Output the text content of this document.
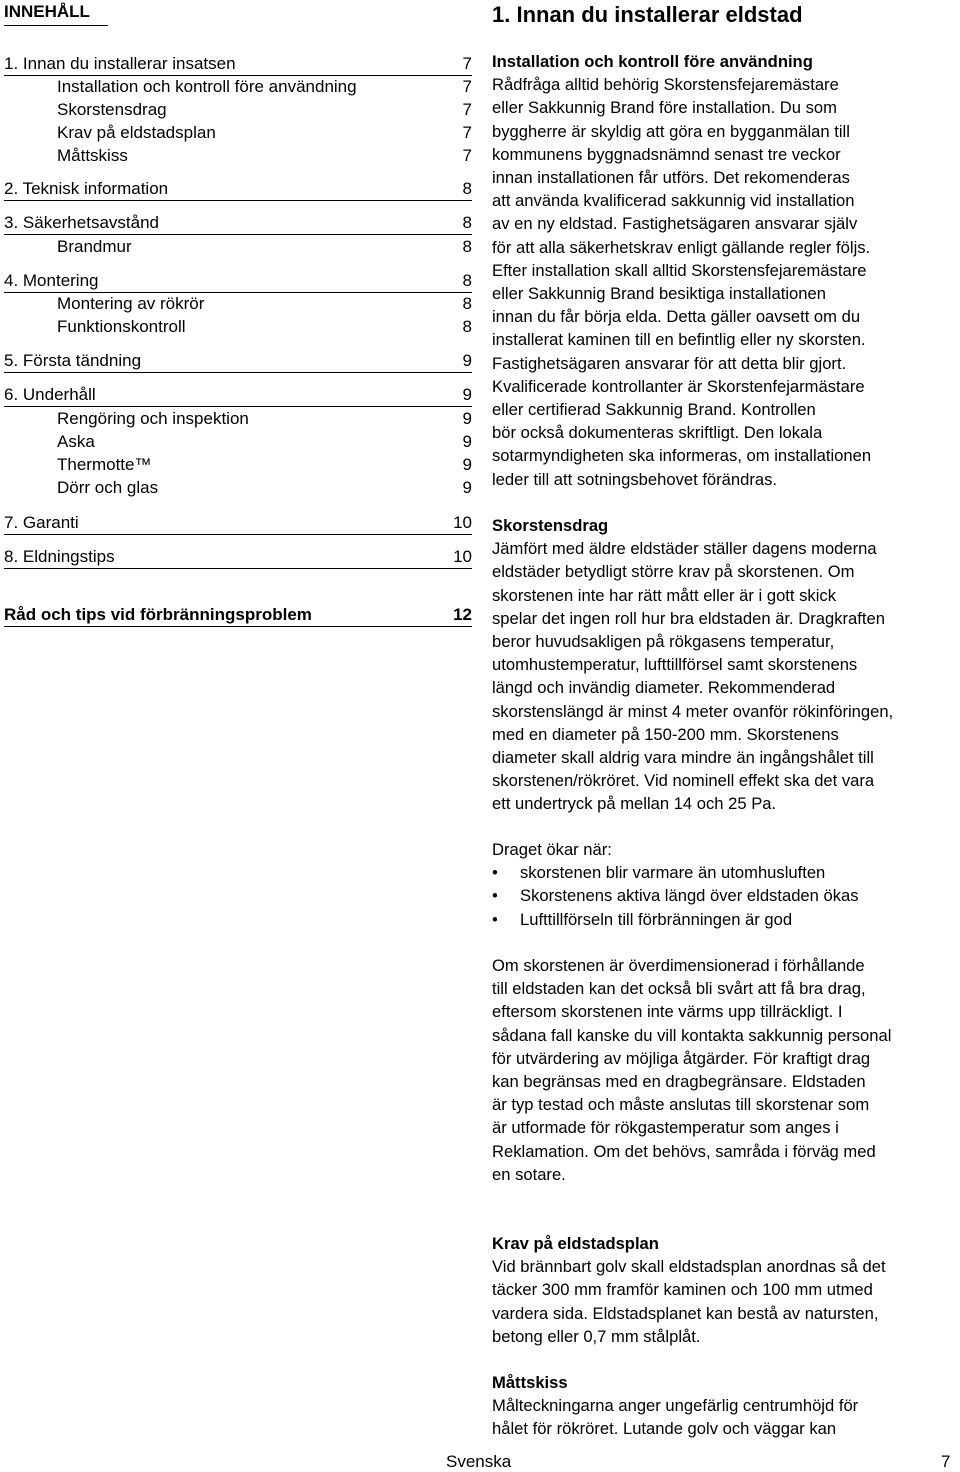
INNEHÅLL
1. Innan du installerar insatsen	7
Installation och kontroll före användning	7
Skorstensdrag	7
Krav på eldstadsplan	7
Måttskiss	7
2. Teknisk information	8
3. Säkerhetsavstånd	8
Brandmur	8
4. Montering	8
Montering av rökrör	8
Funktionskontroll	8
5. Första tändning	9
6. Underhåll	9
Rengöring och inspektion	9
Aska	9
Thermotte™	9
Dörr och glas	9
7. Garanti	10
8. Eldningstips	10
Råd och tips vid förbränningsproblem	12
1. Innan du installerar eldstad

Installation och kontroll före användning

Rådfråga alltid behörig Skorstensfejaremästare
eller Sakkunnig Brand före installation. Du som
byggherre är skyldig att göra en bygganmälan till
kommunens byggnadsnämnd senast tre veckor
innan installationen får utförs. Det rekomenderas
att använda kvalificerad sakkunnig vid installation
av en ny eldstad. Fastighetsägaren ansvarar själv
för att alla säkerhetskrav enligt gällande regler följs.
Efter installation skall alltid Skorstensfejaremästare
eller Sakkunnig Brand besiktiga installationen
innan du får börja elda. Detta gäller oavsett om du
installerat kaminen till en befintlig eller ny skorsten.
Fastighetsägaren ansvarar för att detta blir gjort.
Kvalificerade kontrollanter är Skorstenfejarmästare
eller certifierad Sakkunnig Brand. Kontrollen
bör också dokumenteras skriftligt. Den lokala
sotarmyndigheten ska informeras, om installationen
leder till att sotningsbehovet förändras.

Skorstensdrag

Jämfört med äldre eldstäder ställer dagens moderna
eldstäder betydligt större krav på skorstenen. Om
skorstenen inte har rätt mått eller är i gott skick
spelar det ingen roll hur bra eldstaden är. Dragkraften
beror huvudsakligen på rökgasens temperatur,
utomhustemperatur, lufttillförsel samt skorstenens
längd och invändig diameter. Rekommenderad
skorstenslängd är minst 4 meter ovanför rökinföringen,
med en diameter på 150-200 mm. Skorstenens
diameter skall aldrig vara mindre än ingångshålet till
skorstenen/rökröret. Vid nominell effekt ska det vara
ett undertryck på mellan 14 och 25 Pa.

Draget ökar när:

• skorstenen blir varmare än utomhusluften
• Skorstenens aktiva längd över eldstaden ökas
• Lufttillförseln till förbränningen är god
Om skorstenen är överdimensionerad i förhållande
till eldstaden kan det också bli svårt att få bra drag,
eftersom skorstenen inte värms upp tillräckligt. I
sådana fall kanske du vill kontakta sakkunnig personal
för utvärdering av möjliga åtgärder. För kraftigt drag
kan begränsas med en dragbegränsare. Eldstaden
är typ testad och måste anslutas till skorstenar som
är utformade för rökgastemperatur som anges i
Reklamation. Om det behövs, samråda i förväg med
en sotare.

Krav på eldstadsplan

Vid brännbart golv skall eldstadsplan anordnas så det
täcker 300 mm framför kaminen och 100 mm utmed
vardera sida. Eldstadsplanet kan bestå av natursten,
betong eller 0,7 mm stålplåt.

Måttskiss

Målteckningarna anger ungefärlig centrumhöjd för
hålet för rökröret. Lutande golv och väggar kan
Svenska	7
